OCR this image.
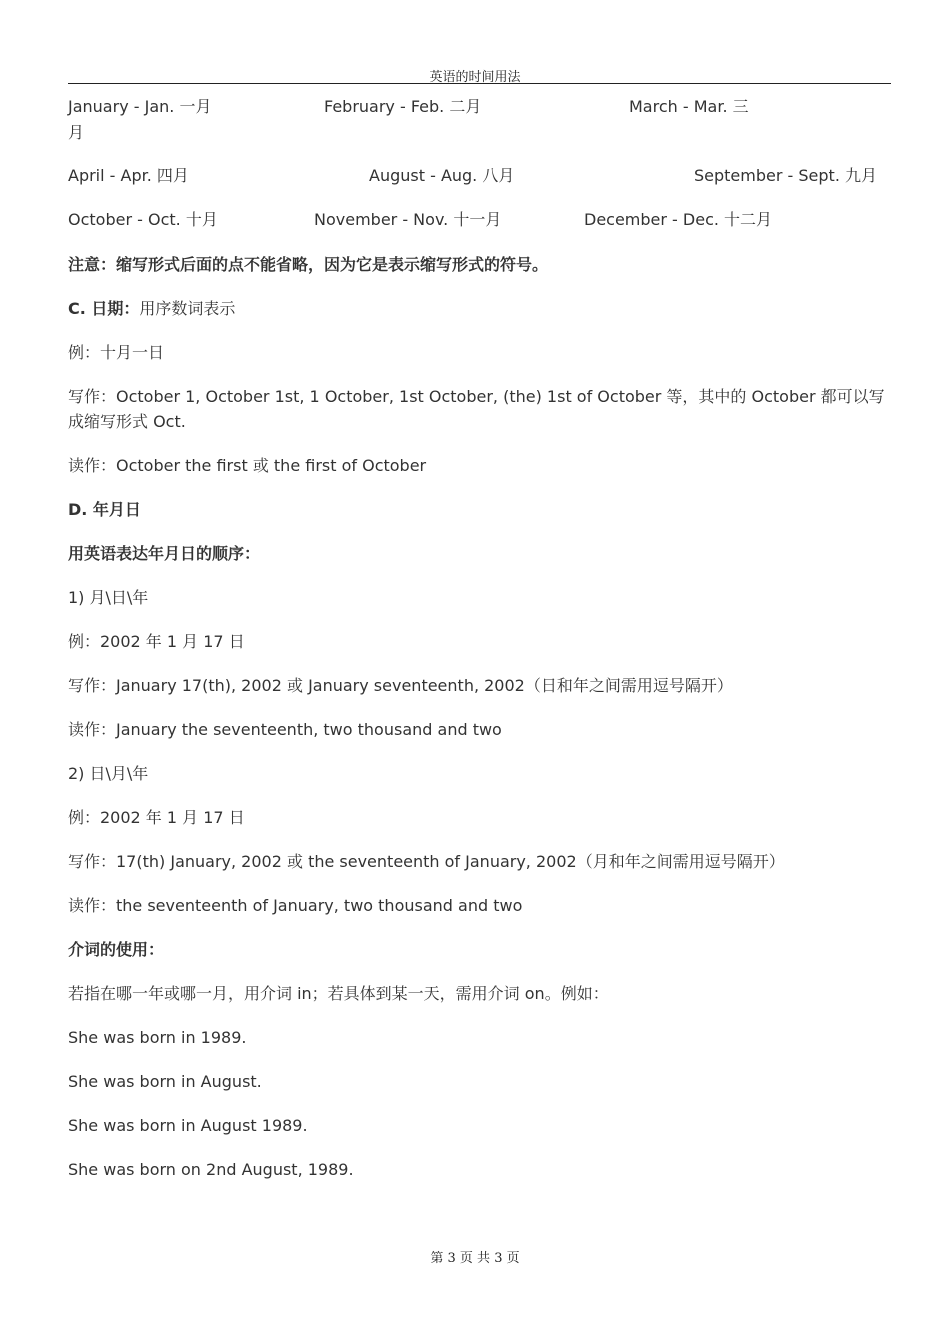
英语的时间用法
January - Jan. 一月	February - Feb. 二月	March - Mar. 三
月
April - Apr. 四月	August - Aug. 八月	September - Sept. 九月
October - Oct. 十月	November - Nov. 十一月	December - Dec. 十二月
注意：缩写形式后面的点不能省略，因为它是表示缩写形式的符号。
C. 日期：用序数词表示
例：十月一日
写作：October 1, October 1st, 1 October, 1st October, (the) 1st of October 等，其中的 October 都可以写成缩写形式 Oct.
读作：October the first 或 the first of October
D. 年月日
用英语表达年月日的顺序：
1) 月\日\年
例：2002 年 1 月 17 日
写作：January 17(th), 2002 或 January seventeenth, 2002（日和年之间需用逗号隔开）
读作：January the seventeenth, two thousand and two
2) 日\月\年
例：2002 年 1 月 17 日
写作：17(th) January, 2002 或 the seventeenth of January, 2002（月和年之间需用逗号隔开）
读作：the seventeenth of January, two thousand and two
介词的使用：
若指在哪一年或哪一月，用介词 in；若具体到某一天，需用介词 on。例如：
She was born in 1989.
She was born in August.
She was born in August 1989.
She was born on 2nd August, 1989.
第 3 页 共 3 页
